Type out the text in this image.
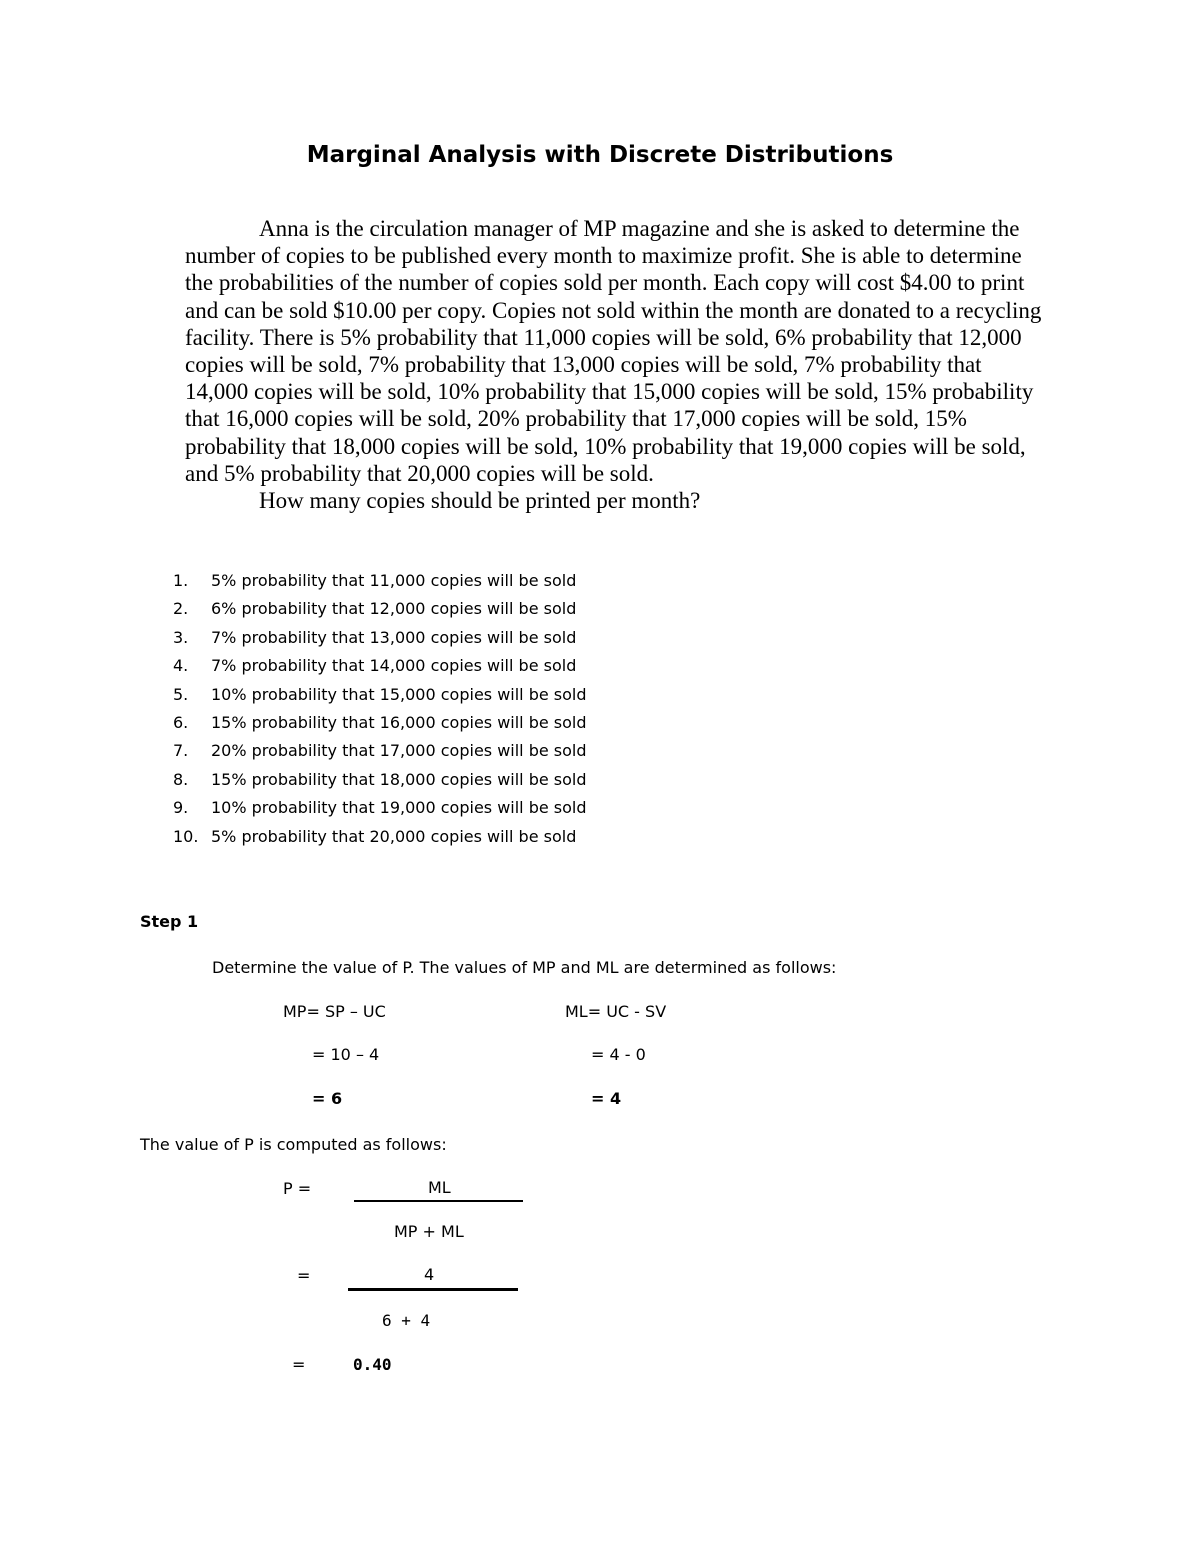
Marginal Analysis with Discrete Distributions

Anna is the circulation manager of MP magazine and she is asked to determine the number of copies to be published every month to maximize profit. She is able to determine the probabilities of the number of copies sold per month. Each copy will cost $4.00 to print and can be sold $10.00 per copy. Copies not sold within the month are donated to a recycling facility. There is 5% probability that 11,000 copies will be sold, 6% probability that 12,000 copies will be sold, 7% probability that 13,000 copies will be sold, 7% probability that 14,000 copies will be sold, 10% probability that 15,000 copies will be sold, 15% probability that 16,000 copies will be sold, 20% probability that 17,000 copies will be sold, 15% probability that 18,000 copies will be sold, 10% probability that 19,000 copies will be sold, and 5% probability that 20,000 copies will be sold.

How many copies should be printed per month?

1. 5% probability that 11,000 copies will be sold
2. 6% probability that 12,000 copies will be sold
3. 7% probability that 13,000 copies will be sold
4. 7% probability that 14,000 copies will be sold
5. 10% probability that 15,000 copies will be sold
6. 15% probability that 16,000 copies will be sold
7. 20% probability that 17,000 copies will be sold
8. 15% probability that 18,000 copies will be sold
9. 10% probability that 19,000 copies will be sold
10. 5% probability that 20,000 copies will be sold
Step 1
Determine the value of P. The values of MP and ML are determined as follows:
MP= SP – UC
= 10 – 4
= 6
ML= UC - SV
= 4 - 0
= 4
The value of P is computed as follows:
P =	ML
MP + ML
=	4
6 + 4
=	0.40
